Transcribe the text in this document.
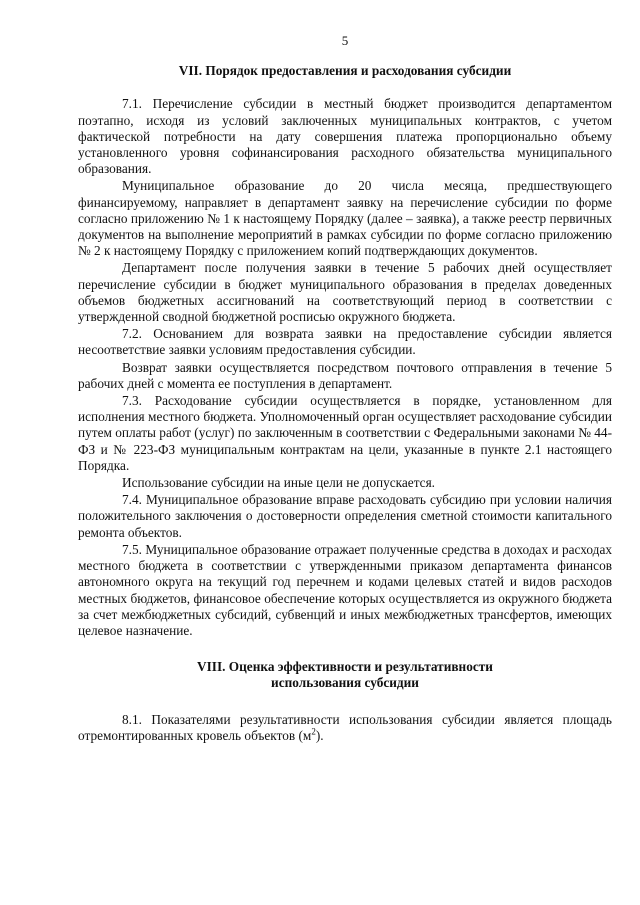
5
VII. Порядок предоставления и расходования субсидии

7.1. Перечисление субсидии в местный бюджет производится департаментом поэтапно, исходя из условий заключенных муниципальных контрактов, с учетом фактической потребности на дату совершения платежа пропорционально объему установленного уровня софинансирования расходного обязательства муниципального образования.

Муниципальное образование до 20 числа месяца, предшествующего финансируемому, направляет в департамент заявку на перечисление субсидии по форме согласно приложению № 1 к настоящему Порядку (далее – заявка), а также реестр первичных документов на выполнение мероприятий в рамках субсидии по форме согласно приложению № 2 к настоящему Порядку с приложением копий подтверждающих документов.

Департамент после получения заявки в течение 5 рабочих дней осуществляет перечисление субсидии в бюджет муниципального образования в пределах доведенных объемов бюджетных ассигнований на соответствующий период в соответствии с утвержденной сводной бюджетной росписью окружного бюджета.

7.2. Основанием для возврата заявки на предоставление субсидии является несоответствие заявки условиям предоставления субсидии.

Возврат заявки осуществляется посредством почтового отправления в течение 5 рабочих дней с момента ее поступления в департамент.

7.3. Расходование субсидии осуществляется в порядке, установленном для исполнения местного бюджета. Уполномоченный орган осуществляет расходование субсидии путем оплаты работ (услуг) по заключенным в соответствии с Федеральными законами № 44-ФЗ и № 223-ФЗ муниципальным контрактам на цели, указанные в пункте 2.1 настоящего Порядка.

Использование субсидии на иные цели не допускается.

7.4. Муниципальное образование вправе расходовать субсидию при условии наличия положительного заключения о достоверности определения сметной стоимости капитального ремонта объектов.

7.5. Муниципальное образование отражает полученные средства в доходах и расходах местного бюджета в соответствии с утвержденными приказом департамента финансов автономного округа на текущий год перечнем и кодами целевых статей и видов расходов местных бюджетов, финансовое обеспечение которых осуществляется из окружного бюджета за счет межбюджетных субсидий, субвенций и иных межбюджетных трансфертов, имеющих целевое назначение.

VIII. Оценка эффективности и результативности
использования субсидии

8.1. Показателями результативности использования субсидии является площадь отремонтированных кровель объектов $(м^2)$.
